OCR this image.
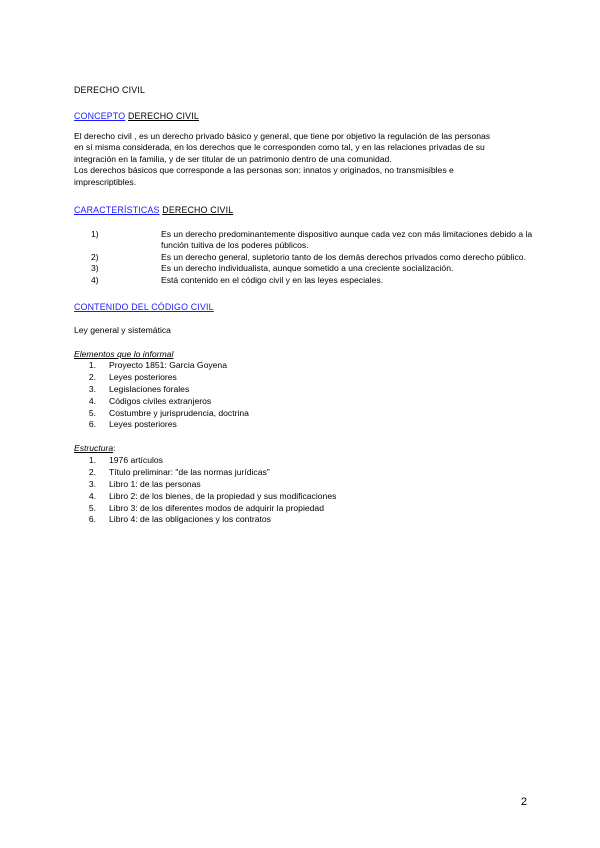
DERECHO CIVIL
CONCEPTO DERECHO CIVIL

El derecho civil , es un derecho privado básico y general, que tiene por objetivo la regulación de las personas

en sí misma considerada, en los derechos que le corresponden como tal, y en las relaciones privadas de su

integración en la familia, y de ser titular de un patrimonio dentro de una comunidad.

Los derechos básicos que corresponde a las personas son: innatos y originados, no transmisibles e

imprescriptibles.

CARACTERÍSTICAS DERECHO CIVIL
1)	Es un derecho predominantemente dispositivo aunque cada vez con más limitaciones debido a la función tuitiva de los poderes públicos.
2)	Es un derecho general, supletorio tanto de los demás derechos privados como derecho público.
3)	Es un derecho individualista, aunque sometido a una creciente socialización.
4)	Está contenido en el código civil y en las leyes especiales.
CONTENIDO DEL CÓDIGO CIVIL
Ley general y sistemática
Elementos que lo informal
1. Proyecto 1851: Garcia Goyena
2. Leyes posteriores
3. Legislaciones forales
4. Códigos civiles extranjeros
5. Costumbre y jurisprudencia, doctrina
6. Leyes posteriores
Estructura:
1. 1976 artículos
2. Título preliminar: "de las normas jurídicas"
3. Libro 1: de las personas
4. Libro 2: de los bienes, de la propiedad y sus modificaciones
5. Libro 3: de los diferentes modos de adquirir la propiedad
6. Libro 4: de las obligaciones y los contratos
2
